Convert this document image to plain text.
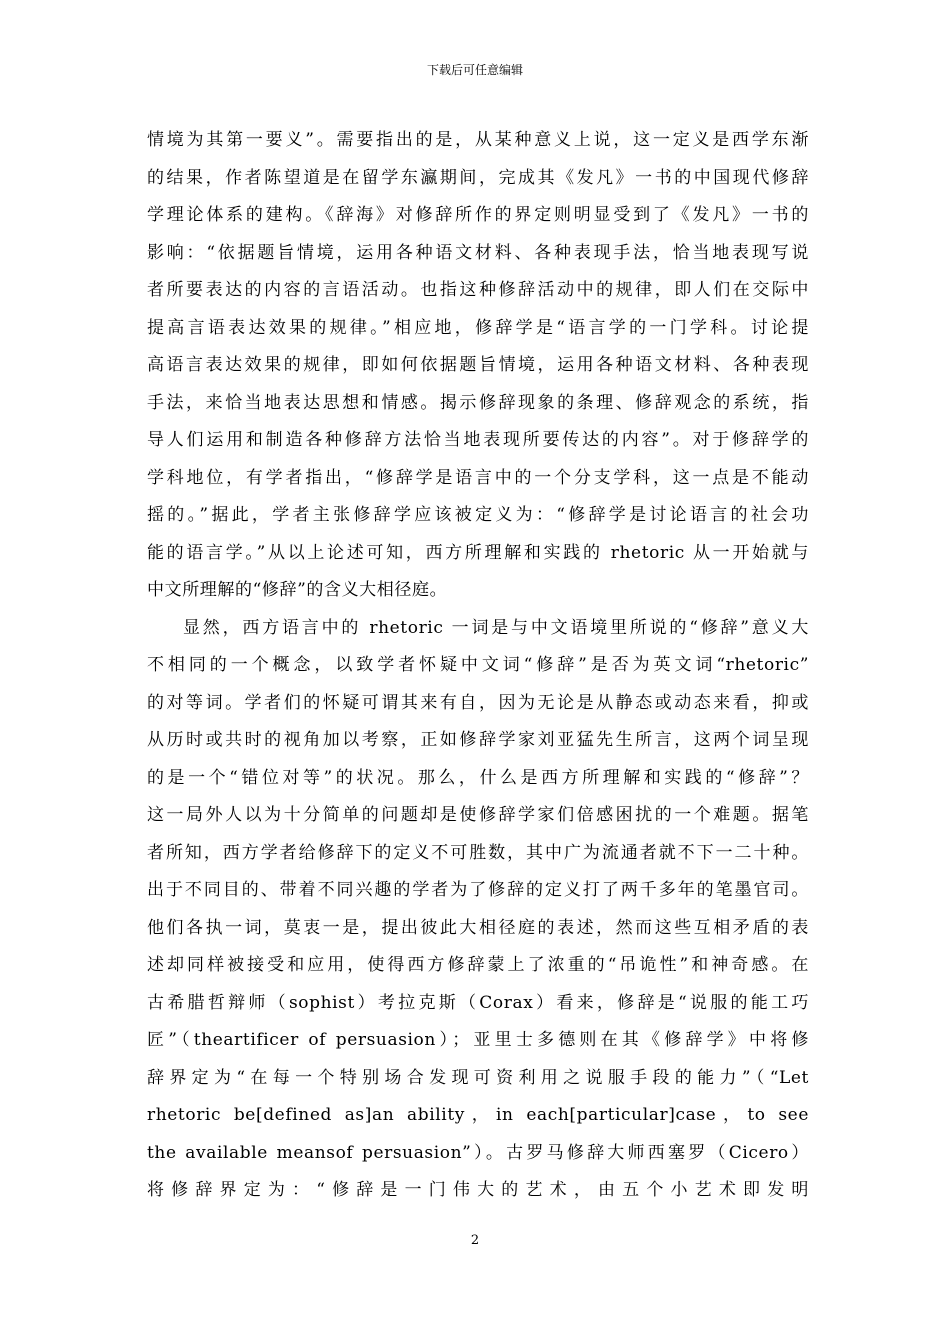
下载后可任意编辑
情境为其第一要义”。需要指出的是，从某种意义上说，这一定义是西学东渐
的结果，作者陈望道是在留学东瀛期间，完成其《发凡》一书的中国现代修辞
学理论体系的建构。《辞海》对修辞所作的界定则明显受到了《发凡》一书的
影响：“依据题旨情境，运用各种语文材料、各种表现手法，恰当地表现写说
者所要表达的内容的言语活动。也指这种修辞活动中的规律，即人们在交际中
提高言语表达效果的规律。”相应地，修辞学是“语言学的一门学科。讨论提
高语言表达效果的规律，即如何依据题旨情境，运用各种语文材料、各种表现
手法，来恰当地表达思想和情感。揭示修辞现象的条理、修辞观念的系统，指
导人们运用和制造各种修辞方法恰当地表现所要传达的内容”。对于修辞学的
学科地位，有学者指出，“修辞学是语言中的一个分支学科，这一点是不能动
摇的。”据此，学者主张修辞学应该被定义为：“修辞学是讨论语言的社会功
能的语言学。”从以上论述可知，西方所理解和实践的 rhetoric 从一开始就与
中文所理解的“修辞”的含义大相径庭。
显然，西方语言中的 rhetoric 一词是与中文语境里所说的“修辞”意义大
不相同的一个概念，以致学者怀疑中文词“修辞”是否为英文词“rhetoric”
的对等词。学者们的怀疑可谓其来有自，因为无论是从静态或动态来看，抑或
从历时或共时的视角加以考察，正如修辞学家刘亚猛先生所言，这两个词呈现
的是一个“错位对等”的状况。那么，什么是西方所理解和实践的“修辞”？
这一局外人以为十分简单的问题却是使修辞学家们倍感困扰的一个难题。据笔
者所知，西方学者给修辞下的定义不可胜数，其中广为流通者就不下一二十种。
出于不同目的、带着不同兴趣的学者为了修辞的定义打了两千多年的笔墨官司。
他们各执一词，莫衷一是，提出彼此大相径庭的表述，然而这些互相矛盾的表
述却同样被接受和应用，使得西方修辞蒙上了浓重的“吊诡性”和神奇感。在
古希腊哲辩师（sophist）考拉克斯（Corax）看来，修辞是“说服的能工巧
匠”（theartificer of persuasion）；亚里士多德则在其《修辞学》中将修
辞界定为“在每一个特别场合发现可资利用之说服手段的能力”（“Let
rhetoric be[defined as]an ability，in each[particular]case，to see
the available meansof persuasion”）。古罗马修辞大师西塞罗（Cicero）
将修辞界定为：“修辞是一门伟大的艺术，由五个小艺术即发明
2
